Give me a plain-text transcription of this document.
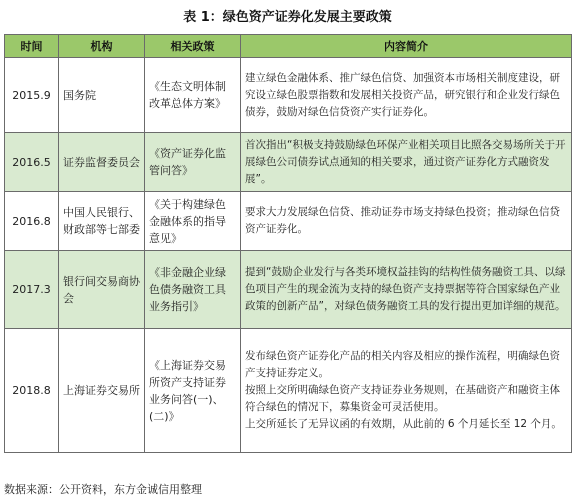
表 1：绿色资产证券化发展主要政策
时间	机构	相关政策	内容简介
2015.9	国务院	《生态文明体制改革总体方案》	建立绿色金融体系、推广绿色信贷、加强资本市场相关制度建设，研究设立绿色股票指数和发展相关投资产品，研究银行和企业发行绿色债券，鼓励对绿色信贷资产实行证券化。

2016.5	证券监督委员会	《资产证券化监管问答》	首次指出“积极支持鼓励绿色环保产业相关项目比照各交易场所关于开展绿色公司债券试点通知的相关要求，通过资产证券化方式融资发展”。

2016.8	中国人民银行、财政部等七部委	《关于构建绿色金融体系的指导意见》	要求大力发展绿色信贷、推动证券市场支持绿色投资；推动绿色信贷资产证券化。

2017.3	银行间交易商协会	《非金融企业绿色债务融资工具业务指引》	提到“鼓励企业发行与各类环境权益挂钩的结构性债务融资工具、以绿色项目产生的现金流为支持的绿色资产支持票据等符合国家绿色产业政策的创新产品”，对绿色债务融资工具的发行提出更加详细的规范。

2018.8	上海证券交易所	《上海证券交易所资产支持证券业务问答(一)、(二)》	发布绿色资产证券化产品的相关内容及相应的操作流程，明确绿色资产支持证券定义。

按照上交所明确绿色资产支持证券业务规则，在基础资产和融资主体符合绿色的情况下，募集资金可灵活使用。

上交所延长了无异议函的有效期，从此前的 6 个月延长至 12 个月。

数据来源：公开资料，东方金诚信用整理
